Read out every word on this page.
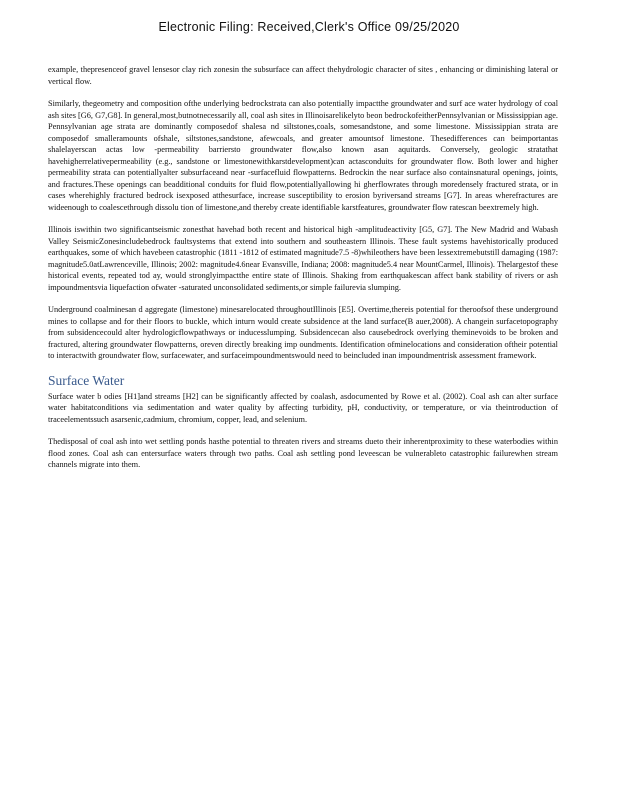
Electronic Filing: Received,Clerk's Office 09/25/2020

example, thepresenceof gravel lensesor clay rich zonesin the subsurface can affect thehydrologic character of sites , enhancing or diminishing lateral or vertical flow.

Similarly, thegeometry and composition ofthe underlying bedrockstrata can also potentially impactthe groundwater and surf ace water hydrology of coal ash sites [G6, G7,G8]. In general,most,butnotnecessarily all, coal ash sites in Illinoisarelikelyto beon bedrockofeitherPennsylvanian or Mississippian age. Pennsylvanian age strata are dominantly composedof shalesa nd siltstones,coals, somesandstone, and some limestone. Mississippian strata are composedof smalleramounts ofshale, siltstones,sandstone, afewcoals, and greater amountsof limestone. Thesedifferences can beimportantas shalelayerscan actas low -permeability barriersto groundwater flow,also known asan aquitards. Conversely, geologic stratathat havehigherrelativepermeability (e.g., sandstone or limestonewithkarstdevelopment)can actasconduits for groundwater flow. Both lower and higher permeability strata can potentiallyalter subsurfaceand near -surfacefluid flowpatterns. Bedrockin the near surface also containsnatural openings, joints, and fractures.These openings can beadditional conduits for fluid flow,potentiallyallowing hi gherflowrates through moredensely fractured strata, or in cases wherehighly fractured bedrock isexposed atthesurface, increase susceptibility to erosion byriversand streams [G7]. In areas wherefractures are wideenough to coalescethrough dissolu tion of limestone,and thereby create identifiable karstfeatures, groundwater flow ratescan beextremely high.

Illinois iswithin two significantseismic zonesthat havehad both recent and historical high -amplitudeactivity [G5, G7]. The New Madrid and Wabash Valley SeismicZonesincludebedrock faultsystems that extend into southern and southeastern Illinois. These fault systems havehistorically produced earthquakes, some of which havebeen catastrophic (1811 -1812 of estimated magnitude7.5 -8)whileothers have been lessextremebutstill damaging (1987: magnitude5.0atLawrenceville, Illinois; 2002: magnitude4.6near Evansville, Indiana; 2008: magnitude5.4 near MountCarmel, Illinois). Thelargestof these historical events, repeated tod ay, would stronglyimpactthe entire state of Illinois. Shaking from earthquakescan affect bank stability of rivers or ash impoundmentsvia liquefaction ofwater -saturated unconsolidated sediments,or simple failurevia slumping.

Underground coalminesan d aggregate (limestone) minesarelocated throughoutIllinois [E5]. Overtime,thereis potential for theroofsof these underground mines to collapse and for their floors to buckle, which inturn would create subsidence at the land surface(B auer,2008). A changein surfacetopography from subsidencecould alter hydrologicflowpathways or inducesslumping. Subsidencecan also causebedrock overlying theminevoids to be broken and fractured, altering groundwater flowpatterns, oreven directly breaking imp oundments. Identification ofminelocations and consideration oftheir potential to interactwith groundwater flow, surfacewater, and surfaceimpoundmentswould need to beincluded inan impoundmentrisk assessment framework.

Surface Water

Surface water b odies [H1]and streams [H2] can be significantly affected by coalash, asdocumented by Rowe et al. (2002). Coal ash can alter surface water habitatconditions via sedimentation and water quality by affecting turbidity, pH, conductivity, or temperature, or via theintroduction of traceelementssuch asarsenic,cadmium, chromium, copper, lead, and selenium.

Thedisposal of coal ash into wet settling ponds hasthe potential to threaten rivers and streams dueto their inherentproximity to these waterbodies within flood zones. Coal ash can entersurface waters through two paths. Coal ash settling pond leveescan be vulnerableto catastrophic failurewhen stream channels migrate into them.
